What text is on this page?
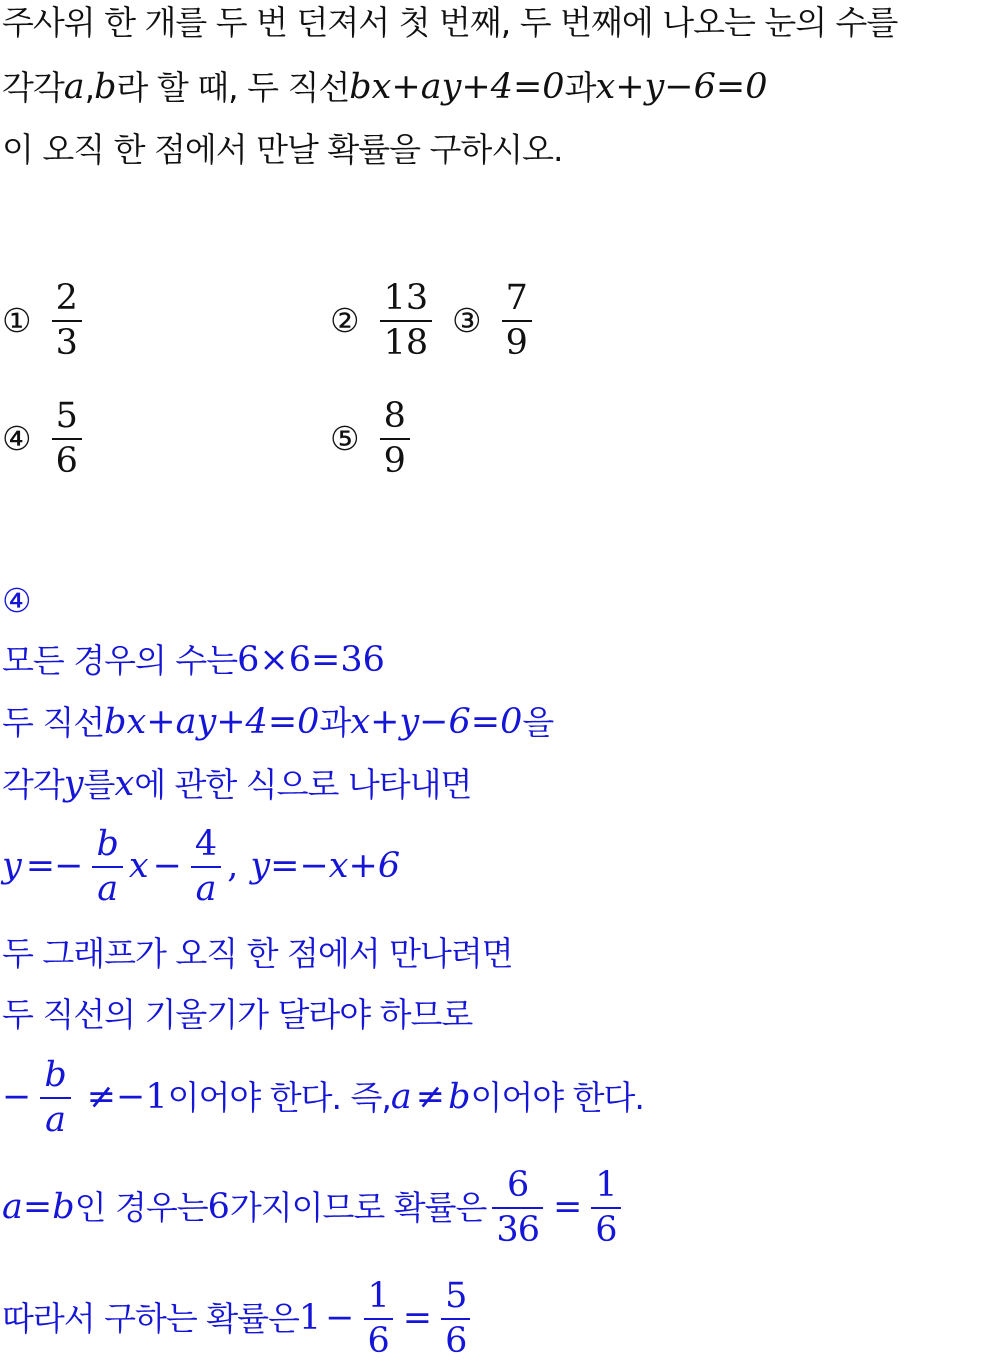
주사위 한 개를 두 번 던져서 첫 번째, 두 번째에 나오는 눈의 수를
각각 a , b 라 할 때, 두 직선 bx+ay+4=0 과 x+y−6=0
이 오직 한 점에서 만날 확률을 구하시오.
① $\frac{2}{3}$	② $\frac{13}{18}$ ③ $\frac{7}{9}$
④ $\frac{5}{6}$	⑤ $\frac{8}{9}$
④
모든 경우의 수는 6×6=36
두 직선 bx+ay+4=0 과 x+y−6=0 을
각각 y 를 x 에 관한 식으로 나타내면
$y =- \frac{b}{a}$ $x - \frac{4}{a}$ , y=−x+6
두 그래프가 오직 한 점에서 만나려면
두 직선의 기울기가 달라야 하므로
− $\frac{b}{a} \ne-1$ 이어야 한다. 즉, a ≠ b 이어야 한다.
a=b 인 경우는 6 가지이므로 확률은 $\frac{6}{36} = \frac{1}{6}$
따라서 구하는 확률은 $1 - \frac{1}{6} = \frac{5}{6}$
